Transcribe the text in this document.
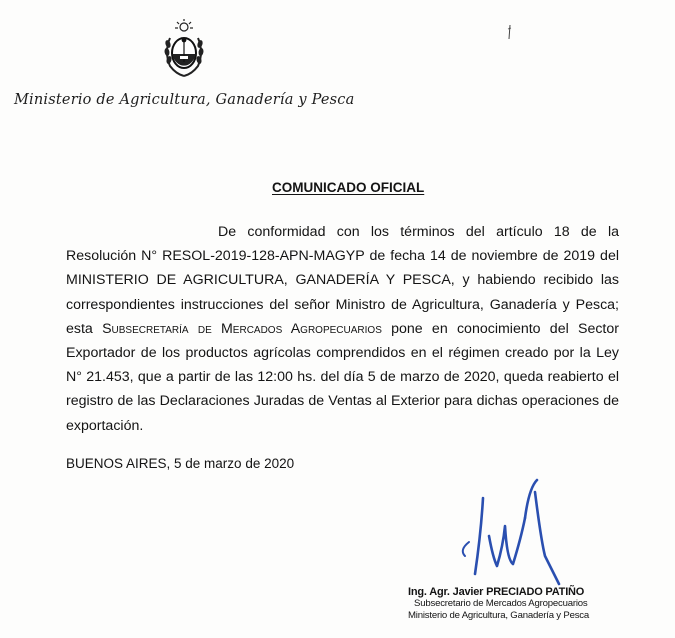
Ministerio de Agricultura, Ganadería y Pesca
COMUNICADO OFICIAL
De conformidad con los términos del artículo 18 de la Resolución N° RESOL-2019-128-APN-MAGYP de fecha 14 de noviembre de 2019 del MINISTERIO DE AGRICULTURA, GANADERÍA Y PESCA, y habiendo recibido las correspondientes instrucciones del señor Ministro de Agricultura, Ganadería y Pesca; esta Subsecretaría de Mercados Agropecuarios pone en conocimiento del Sector Exportador de los productos agrícolas comprendidos en el régimen creado por la Ley N° 21.453, que a partir de las 12:00 hs. del día 5 de marzo de 2020, queda reabierto el registro de las Declaraciones Juradas de Ventas al Exterior para dichas operaciones de exportación.
BUENOS AIRES, 5 de marzo de 2020
Ing. Agr. Javier PRECIADO PATIÑO
Subsecretario de Mercados Agropecuarios
Ministerio de Agricultura, Ganadería y Pesca
